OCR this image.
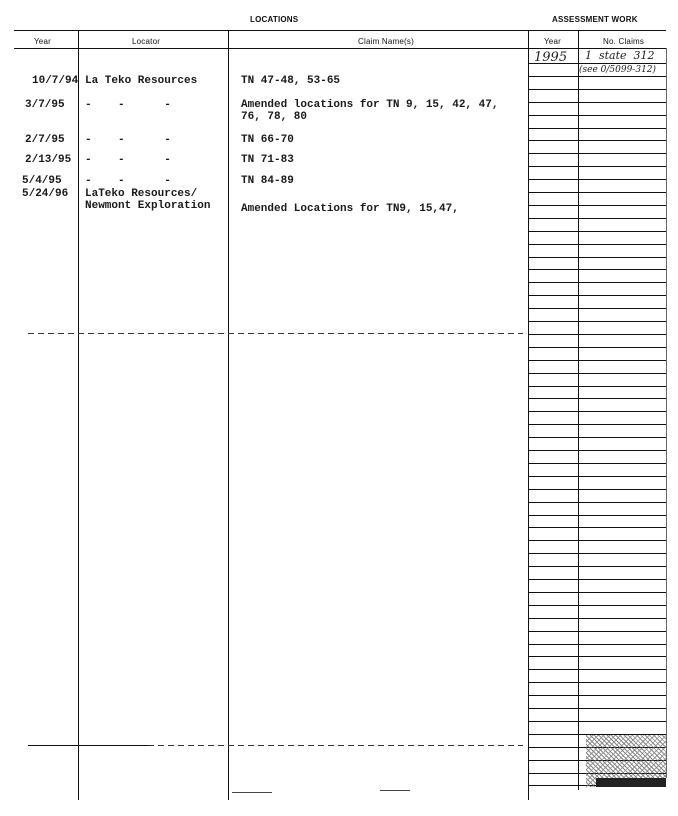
LOCATIONS	ASSESSMENT WORK
Year	Locator	Claim Name(s)	Year	No. Claims
10/7/94 La Teko Resources	TN 47-48, 53-65
3/7/95 -    -      -	Amended locations for TN 9, 15, 42, 47,
76, 78, 80
2/7/95 -    -      -	TN 66-70
2/13/95 -    -      -	TN 71-83
5/4/95 -    -      -	TN 84-89
5/24/96 LaTeko Resources/
Newmont Exploration	Amended Locations for TN9, 15,47,
1995 1  state  312
(see 0/5099-312)
